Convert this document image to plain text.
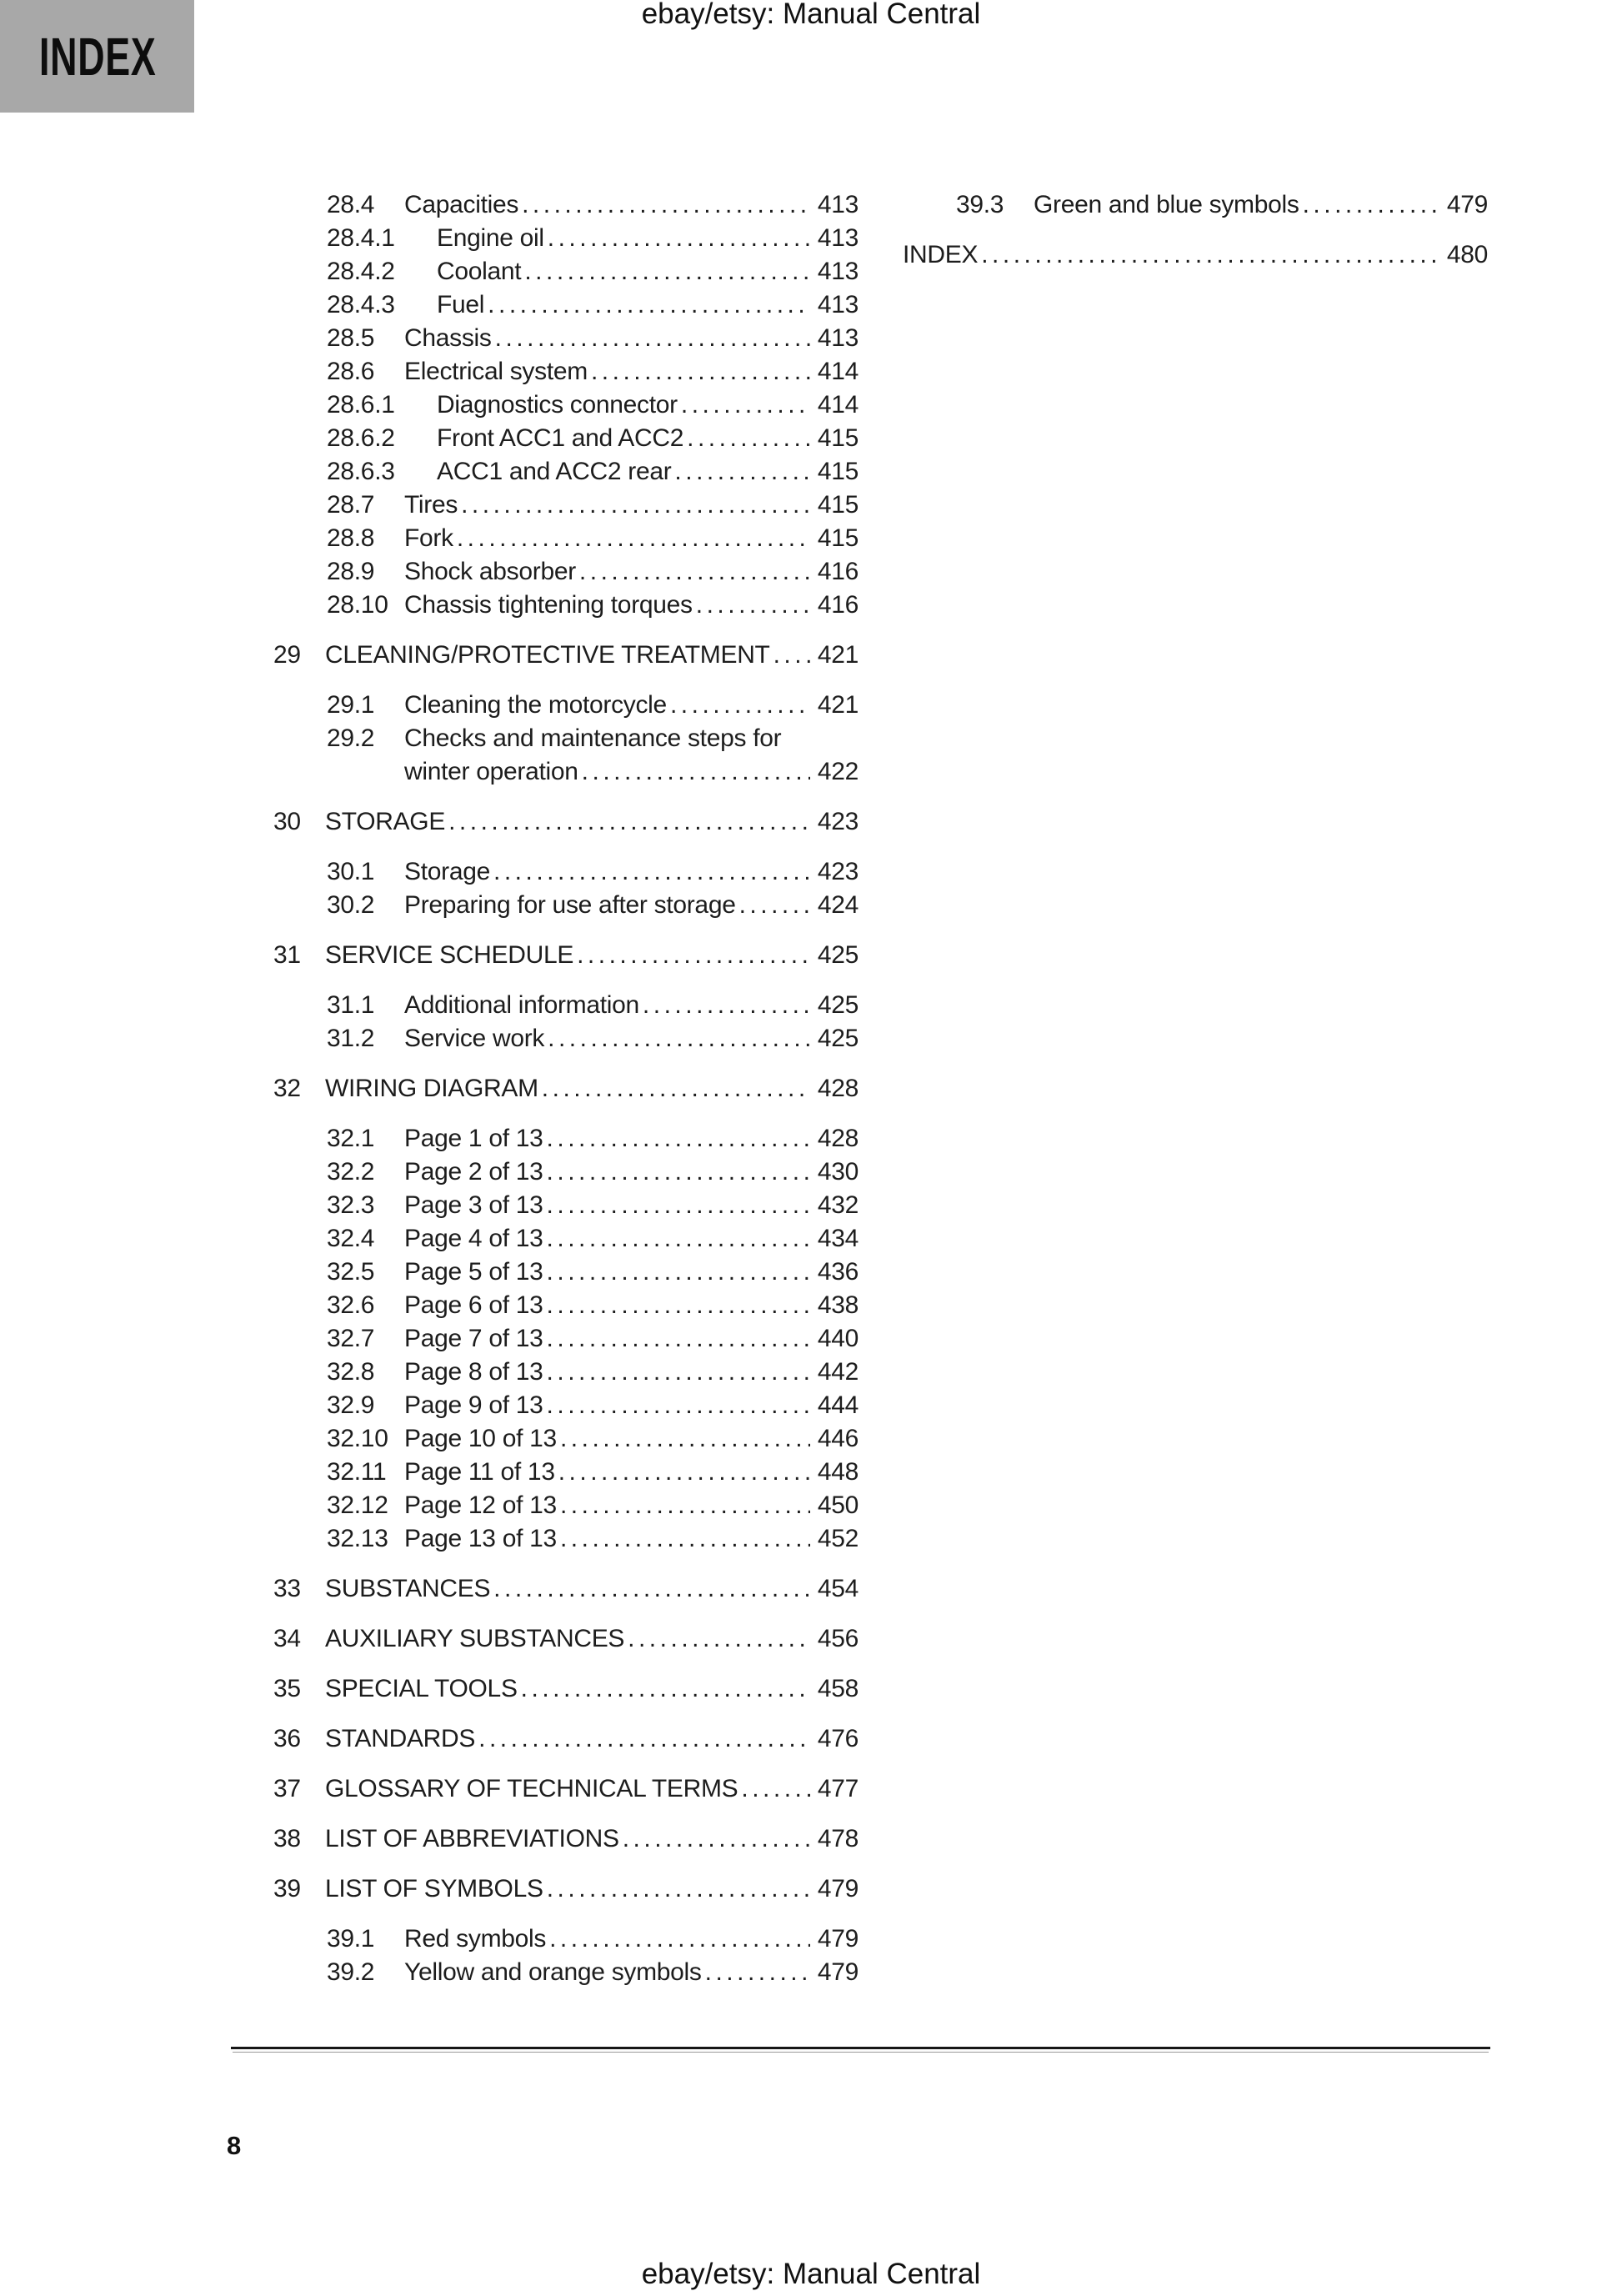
ebay/etsy: Manual Central
INDEX
28.4	Capacities .....	413
28.4.1	Engine oil .....	413
28.4.2	Coolant .....	413
28.4.3	Fuel .....	413
28.5	Chassis .....	413
28.6	Electrical system .....	414
28.6.1	Diagnostics connector .....	414
28.6.2	Front ACC1 and ACC2 .....	415
28.6.3	ACC1 and ACC2 rear .....	415
28.7	Tires .....	415
28.8	Fork .....	415
28.9	Shock absorber .....	416
28.10 Chassis tightening torques .....	416
29 CLEANING/PROTECTIVE TREATMENT ..... 421
29.1	Cleaning the motorcycle .....	421
29.2	Checks and maintenance steps for
winter operation .....	422
30 STORAGE .....	423
30.1	Storage .....	423
30.2	Preparing for use after storage .....	424
31 SERVICE SCHEDULE .....	425
31.1	Additional information .....	425
31.2	Service work .....	425
32 WIRING DIAGRAM .....	428
32.1	Page 1 of 13 .....	428
32.2	Page 2 of 13 .....	430
32.3	Page 3 of 13 .....	432
32.4	Page 4 of 13 .....	434
32.5	Page 5 of 13 .....	436
32.6	Page 6 of 13 .....	438
32.7	Page 7 of 13 .....	440
32.8	Page 8 of 13 .....	442
32.9	Page 9 of 13 .....	444
32.10 Page 10 of 13 .....	446
32.11 Page 11 of 13 .....	448
32.12 Page 12 of 13 .....	450
32.13 Page 13 of 13 .....	452
33 SUBSTANCES .....	454
34 AUXILIARY SUBSTANCES .....	456
35 SPECIAL TOOLS .....	458
36 STANDARDS .....	476
37 GLOSSARY OF TECHNICAL TERMS .....	477
38 LIST OF ABBREVIATIONS .....	478
39 LIST OF SYMBOLS .....	479
39.1	Red symbols .....	479
39.2	Yellow and orange symbols .....	479
39.3	Green and blue symbols .....	479
INDEX .....	480
8
ebay/etsy: Manual Central
